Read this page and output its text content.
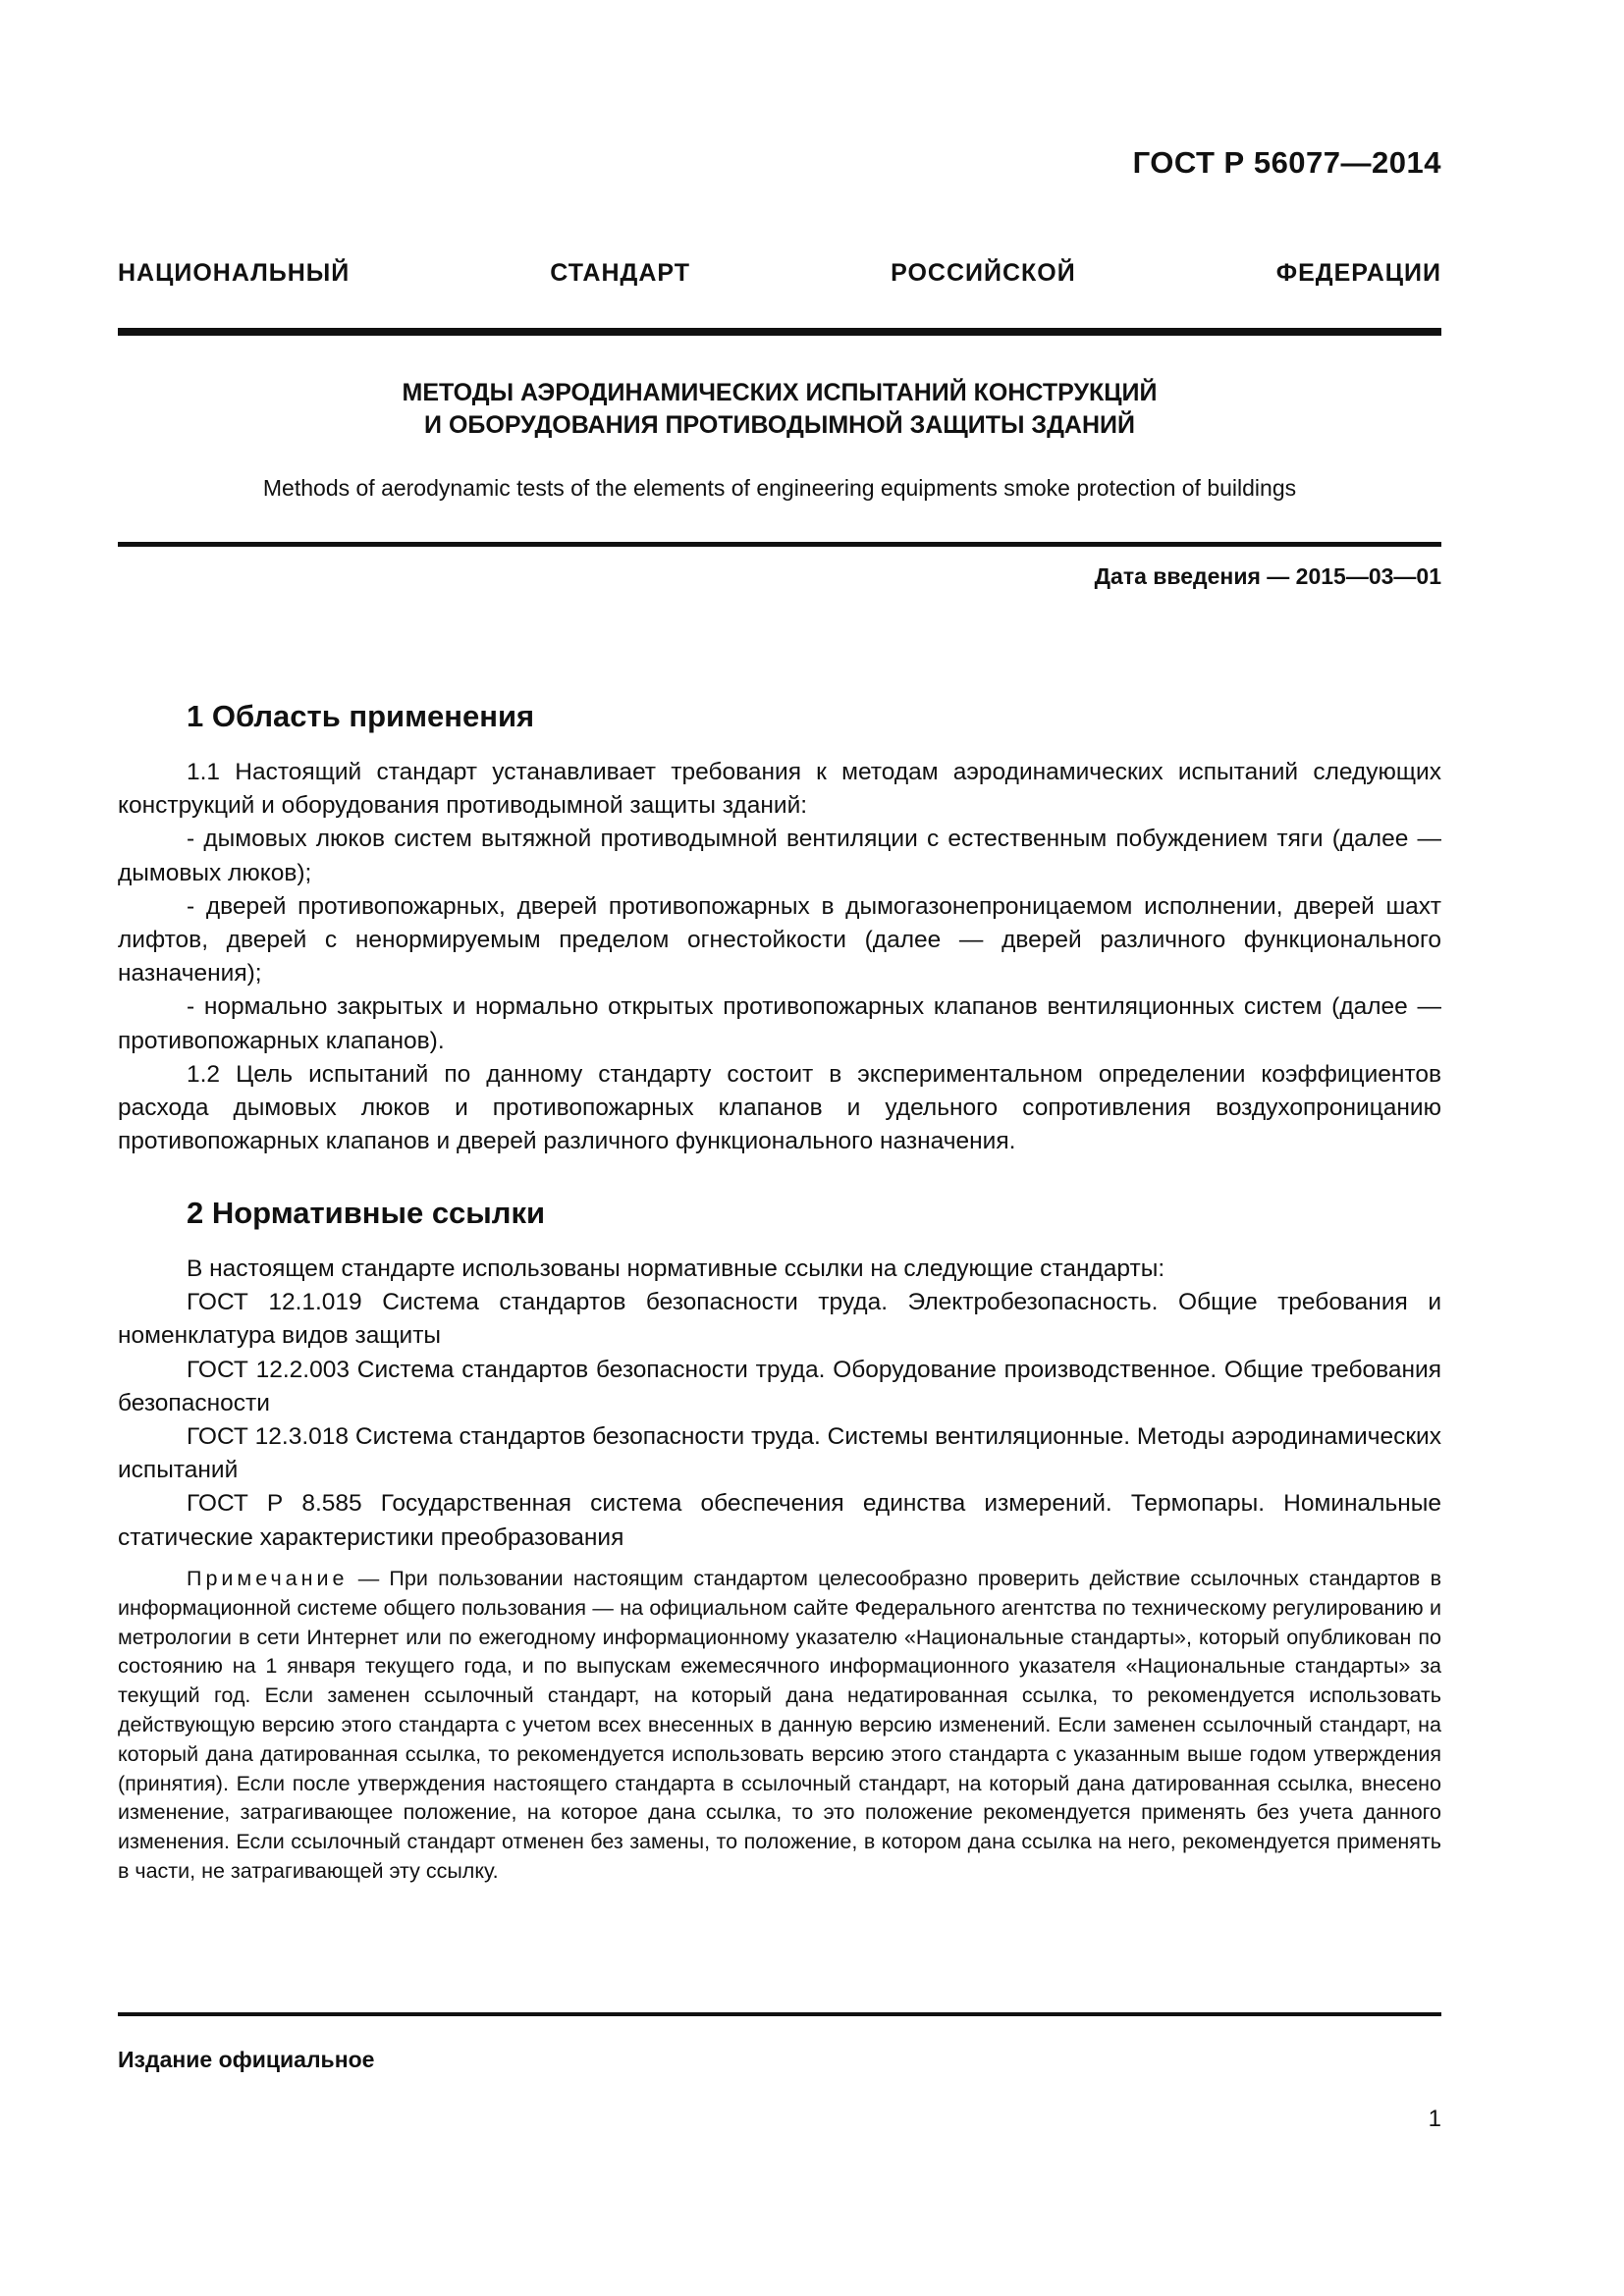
ГОСТ Р 56077—2014
НАЦИОНАЛЬНЫЙ СТАНДАРТ РОССИЙСКОЙ ФЕДЕРАЦИИ
МЕТОДЫ АЭРОДИНАМИЧЕСКИХ ИСПЫТАНИЙ КОНСТРУКЦИЙ
И ОБОРУДОВАНИЯ ПРОТИВОДЫМНОЙ ЗАЩИТЫ ЗДАНИЙ
Methods of aerodynamic tests of the elements of engineering equipments smoke protection of buildings
Дата введения — 2015—03—01
1 Область применения

1.1 Настоящий стандарт устанавливает требования к методам аэродинамических испытаний следующих конструкций и оборудования противодымной защиты зданий:

- дымовых люков систем вытяжной противодымной вентиляции с естественным побуждением тяги (далее — дымовых люков);

- дверей противопожарных, дверей противопожарных в дымогазонепроницаемом исполнении, дверей шахт лифтов, дверей с ненормируемым пределом огнестойкости (далее — дверей различного функционального назначения);

- нормально закрытых и нормально открытых противопожарных клапанов вентиляционных систем (далее — противопожарных клапанов).

1.2 Цель испытаний по данному стандарту состоит в экспериментальном определении коэффициентов расхода дымовых люков и противопожарных клапанов и удельного сопротивления воздухопроницанию противопожарных клапанов и дверей различного функционального назначения.

2 Нормативные ссылки

В настоящем стандарте использованы нормативные ссылки на следующие стандарты:

ГОСТ 12.1.019 Система стандартов безопасности труда. Электробезопасность. Общие требования и номенклатура видов защиты

ГОСТ 12.2.003 Система стандартов безопасности труда. Оборудование производственное. Общие требования безопасности

ГОСТ 12.3.018 Система стандартов безопасности труда. Системы вентиляционные. Методы аэродинамических испытаний

ГОСТ Р 8.585 Государственная система обеспечения единства измерений. Термопары. Номинальные статические характеристики преобразования

Примечание — При пользовании настоящим стандартом целесообразно проверить действие ссылочных стандартов в информационной системе общего пользования — на официальном сайте Федерального агентства по техническому регулированию и метрологии в сети Интернет или по ежегодному информационному указателю «Национальные стандарты», который опубликован по состоянию на 1 января текущего года, и по выпускам ежемесячного информационного указателя «Национальные стандарты» за текущий год. Если заменен ссылочный стандарт, на который дана недатированная ссылка, то рекомендуется использовать действующую версию этого стандарта с учетом всех внесенных в данную версию изменений. Если заменен ссылочный стандарт, на который дана датированная ссылка, то рекомендуется использовать версию этого стандарта с указанным выше годом утверждения (принятия). Если после утверждения настоящего стандарта в ссылочный стандарт, на который дана датированная ссылка, внесено изменение, затрагивающее положение, на которое дана ссылка, то это положение рекомендуется применять без учета данного изменения. Если ссылочный стандарт отменен без замены, то положение, в котором дана ссылка на него, рекомендуется применять в части, не затрагивающей эту ссылку.

Издание официальное
1
